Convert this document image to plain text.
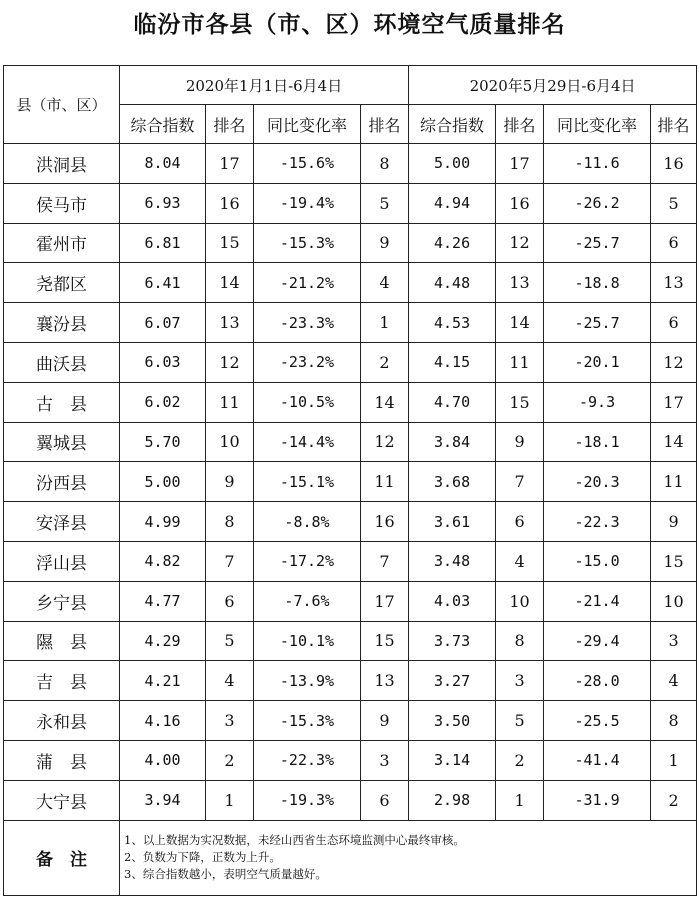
临汾市各县（市、区）环境空气质量排名
县（市、区）	2020年1月1日-6月4日				2020年5月29日-6月4日			
	综合指数	排名	同比变化率	排名	综合指数	排名	同比变化率	排名
洪洞县	8.04	17	-15.6%	8	5.00	17	-11.6	16
侯马市	6.93	16	-19.4%	5	4.94	16	-26.2	5
霍州市	6.81	15	-15.3%	9	4.26	12	-25.7	6
尧都区	6.41	14	-21.2%	4	4.48	13	-18.8	13
襄汾县	6.07	13	-23.3%	1	4.53	14	-25.7	6
曲沃县	6.03	12	-23.2%	2	4.15	11	-20.1	12
古　县	6.02	11	-10.5%	14	4.70	15	-9.3	17
翼城县	5.70	10	-14.4%	12	3.84	9	-18.1	14
汾西县	5.00	9	-15.1%	11	3.68	7	-20.3	11
安泽县	4.99	8	-8.8%	16	3.61	6	-22.3	9
浮山县	4.82	7	-17.2%	7	3.48	4	-15.0	15
乡宁县	4.77	6	-7.6%	17	4.03	10	-21.4	10
隰　县	4.29	5	-10.1%	15	3.73	8	-29.4	3
吉　县	4.21	4	-13.9%	13	3.27	3	-28.0	4
永和县	4.16	3	-15.3%	9	3.50	5	-25.5	8
蒲　县	4.00	2	-22.3%	3	3.14	2	-41.4	1
大宁县	3.94	1	-19.3%	6	2.98	1	-31.9	2
备　注	1、以上数据为实况数据，未经山西省生态环境监测中心最终审核。
2、负数为下降，正数为上升。
3、综合指数越小，表明空气质量越好。							
